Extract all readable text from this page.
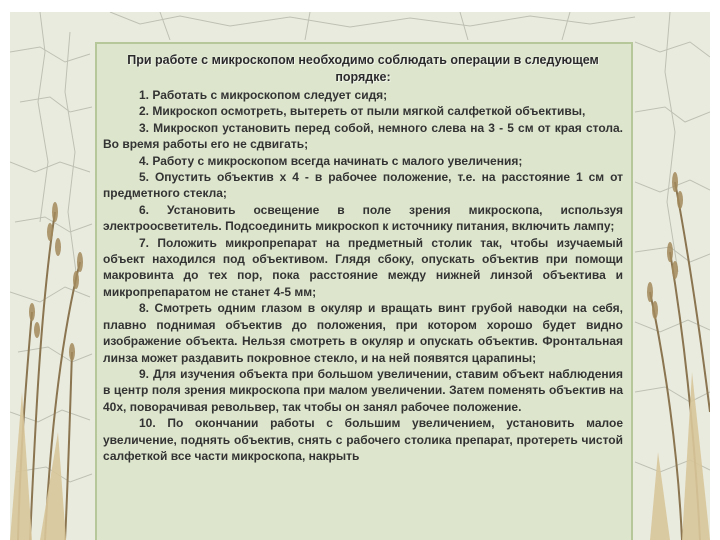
При работе с микроскопом необходимо соблюдать операции в следующем порядке:

1. Работать с микроскопом следует сидя;

2. Микроскоп осмотреть, вытереть от пыли мягкой салфеткой объективы,

3. Микроскоп установить перед собой, немного слева на 3 - 5 см от края стола. Во время работы его не сдвигать;

4. Работу с микроскопом всегда начинать с малого увеличения;

5. Опустить объектив х 4 - в рабочее положение, т.е. на расстояние 1 см от предметного стекла;

6. Установить освещение в поле зрения микроскопа, используя электроосветитель. Подсоединить микроскоп к источнику питания, включить лампу;

7. Положить микропрепарат на предметный столик так, чтобы изучаемый объект находился под объективом. Глядя сбоку, опускать объектив при помощи макровинта до тех пор, пока расстояние между нижней линзой объектива и микропрепаратом не станет 4-5 мм;

8. Смотреть одним глазом в окуляр и вращать винт грубой наводки на себя, плавно поднимая объектив до положения, при котором хорошо будет видно изображение объекта. Нельзя смотреть в окуляр и опускать объектив. Фронтальная линза может раздавить покровное стекло, и на ней появятся царапины;

9. Для изучения объекта при большом увеличении, ставим объект наблюдения в центр поля зрения микроскопа при малом увеличении. Затем поменять объектив на 40х, поворачивая револьвер, так чтобы он занял рабочее положение.

10. По окончании работы с большим увеличением, установить малое увеличение, поднять объектив, снять с рабочего столика препарат, протереть чистой салфеткой все части микроскопа, накрыть
